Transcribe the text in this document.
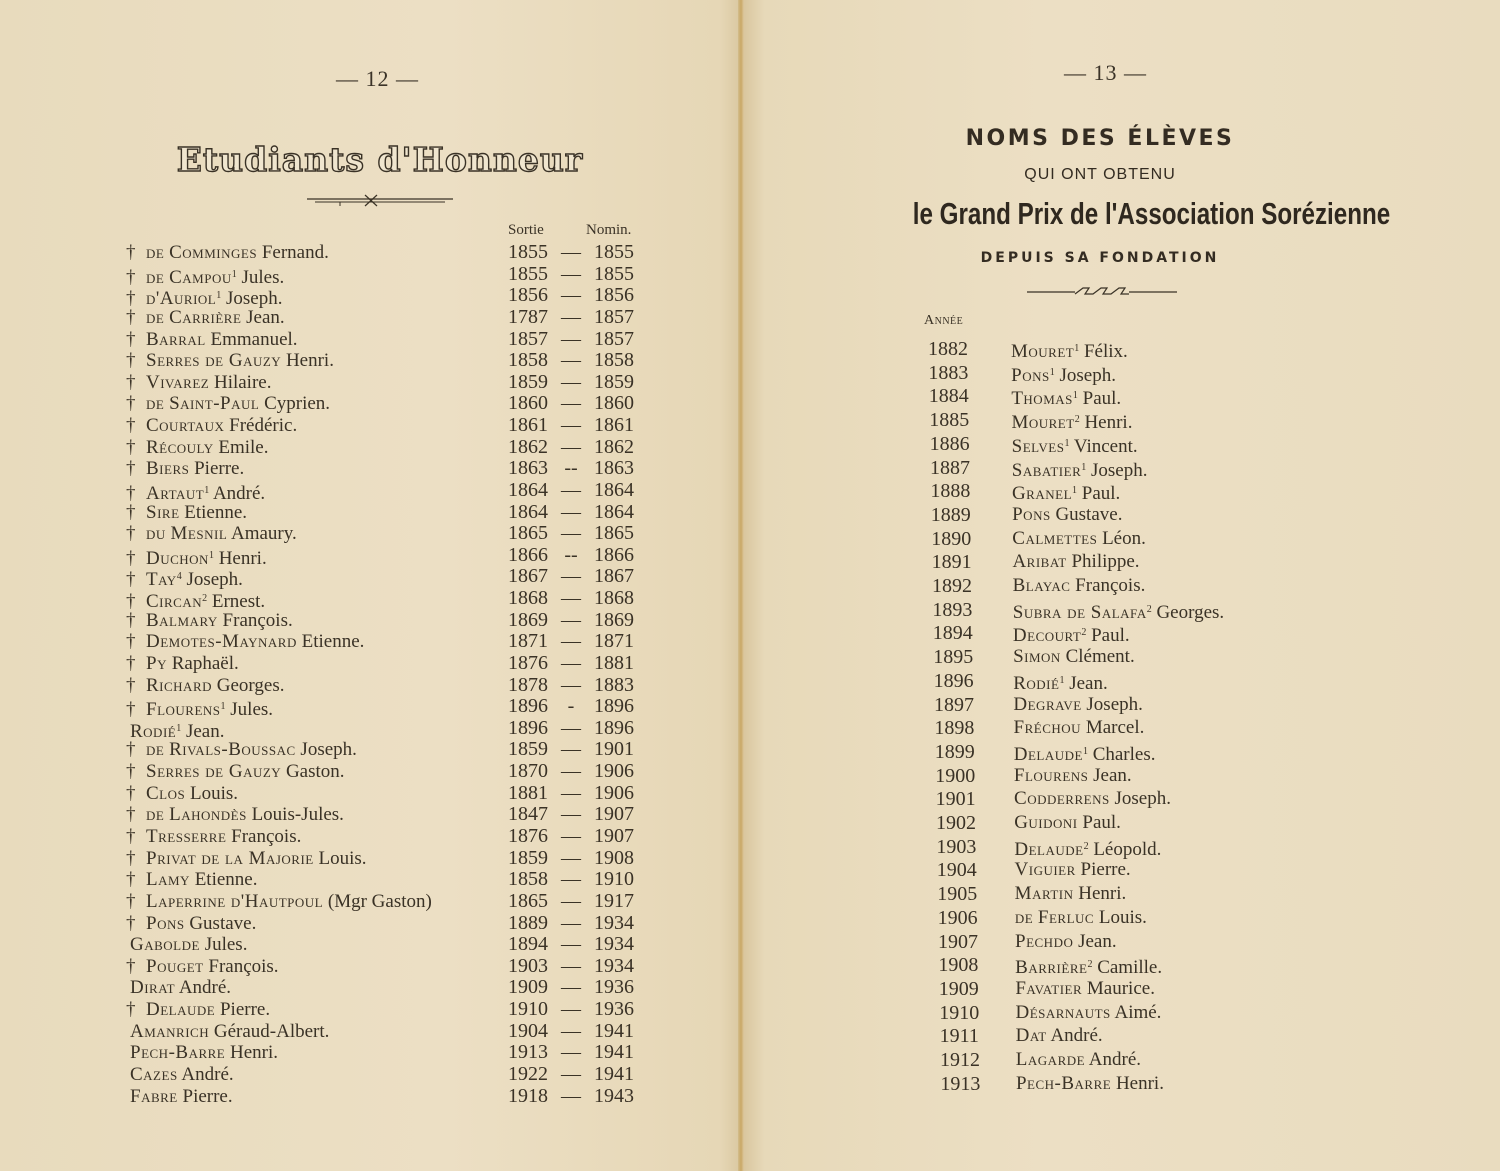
— 12 —
Etudiants d'Honneur
Sortie	Nomin.
† de Comminges Fernand.	1855 — 1855
† de Campou$^1$ Jules.	1855 — 1855
† d'Auriol$^1$ Joseph.	1856 — 1856
† de Carrière Jean.	1787 — 1857
† Barral Emmanuel.	1857 — 1857
† Serres de Gauzy Henri.	1858 — 1858
† Vivarez Hilaire.	1859 — 1859
† de Saint-Paul Cyprien.	1860 — 1860
† Courtaux Frédéric.	1861 — 1861
† Récouly Emile.	1862 — 1862
† Biers Pierre.	1863 -- 1863
† Artaut$^1$ André.	1864 — 1864
† Sire Etienne.	1864 — 1864
† du Mesnil Amaury.	1865 — 1865
† Duchon$^1$ Henri.	1866 -- 1866
† Tay$^4$ Joseph.	1867 — 1867
† Circan$^2$ Ernest.	1868 — 1868
† Balmary François.	1869 — 1869
† Demotes-Maynard Etienne.	1871 — 1871
† Py Raphaël.	1876 — 1881
† Richard Georges.	1878 — 1883
† Flourens$^1$ Jules.	1896 - 1896
Rodié$^1$ Jean.	1896 — 1896
† de Rivals-Boussac Joseph.	1859 — 1901
† Serres de Gauzy Gaston.	1870 — 1906
† Clos Louis.	1881 — 1906
† de Lahondès Louis-Jules.	1847 — 1907
† Tresserre François.	1876 — 1907
† Privat de la Majorie Louis.	1859 — 1908
† Lamy Etienne.	1858 — 1910
† Laperrine d'Hautpoul (Mgr Gaston)	1865 — 1917
† Pons Gustave.	1889 — 1934
Gabolde Jules.	1894 — 1934
† Pouget François.	1903 — 1934
Dirat André.	1909 — 1936
† Delaude Pierre.	1910 — 1936
Amanrich Géraud-Albert.	1904 — 1941
Pech-Barre Henri.	1913 — 1941
Cazes André.	1922 — 1941
Fabre Pierre.	1918 — 1943
— 13 —
NOMS DES ÉLÈVES
QUI ONT OBTENU
le Grand Prix de l'Association Sorézienne
DEPUIS SA FONDATION
Année
1882 Mouret$^1$ Félix.
1883 Pons$^1$ Joseph.
1884 Thomas$^1$ Paul.
1885 Mouret$^2$ Henri.
1886 Selves$^1$ Vincent.
1887 Sabatier$^1$ Joseph.
1888 Granel$^1$ Paul.
1889 Pons Gustave.
1890 Calmettes Léon.
1891 Aribat Philippe.
1892 Blayac François.
1893 Subra de Salafa$^2$ Georges.
1894 Decourt$^2$ Paul.
1895 Simon Clément.
1896 Rodié$^1$ Jean.
1897 Degrave Joseph.
1898 Fréchou Marcel.
1899 Delaude$^1$ Charles.
1900 Flourens Jean.
1901 Codderrens Joseph.
1902 Guidoni Paul.
1903 Delaude$^2$ Léopold.
1904 Viguier Pierre.
1905 Martin Henri.
1906 de Ferluc Louis.
1907 Pechdo Jean.
1908 Barrière$^2$ Camille.
1909 Favatier Maurice.
1910 Désarnauts Aimé.
1911 Dat André.
1912 Lagarde André.
1913 Pech-Barre Henri.
